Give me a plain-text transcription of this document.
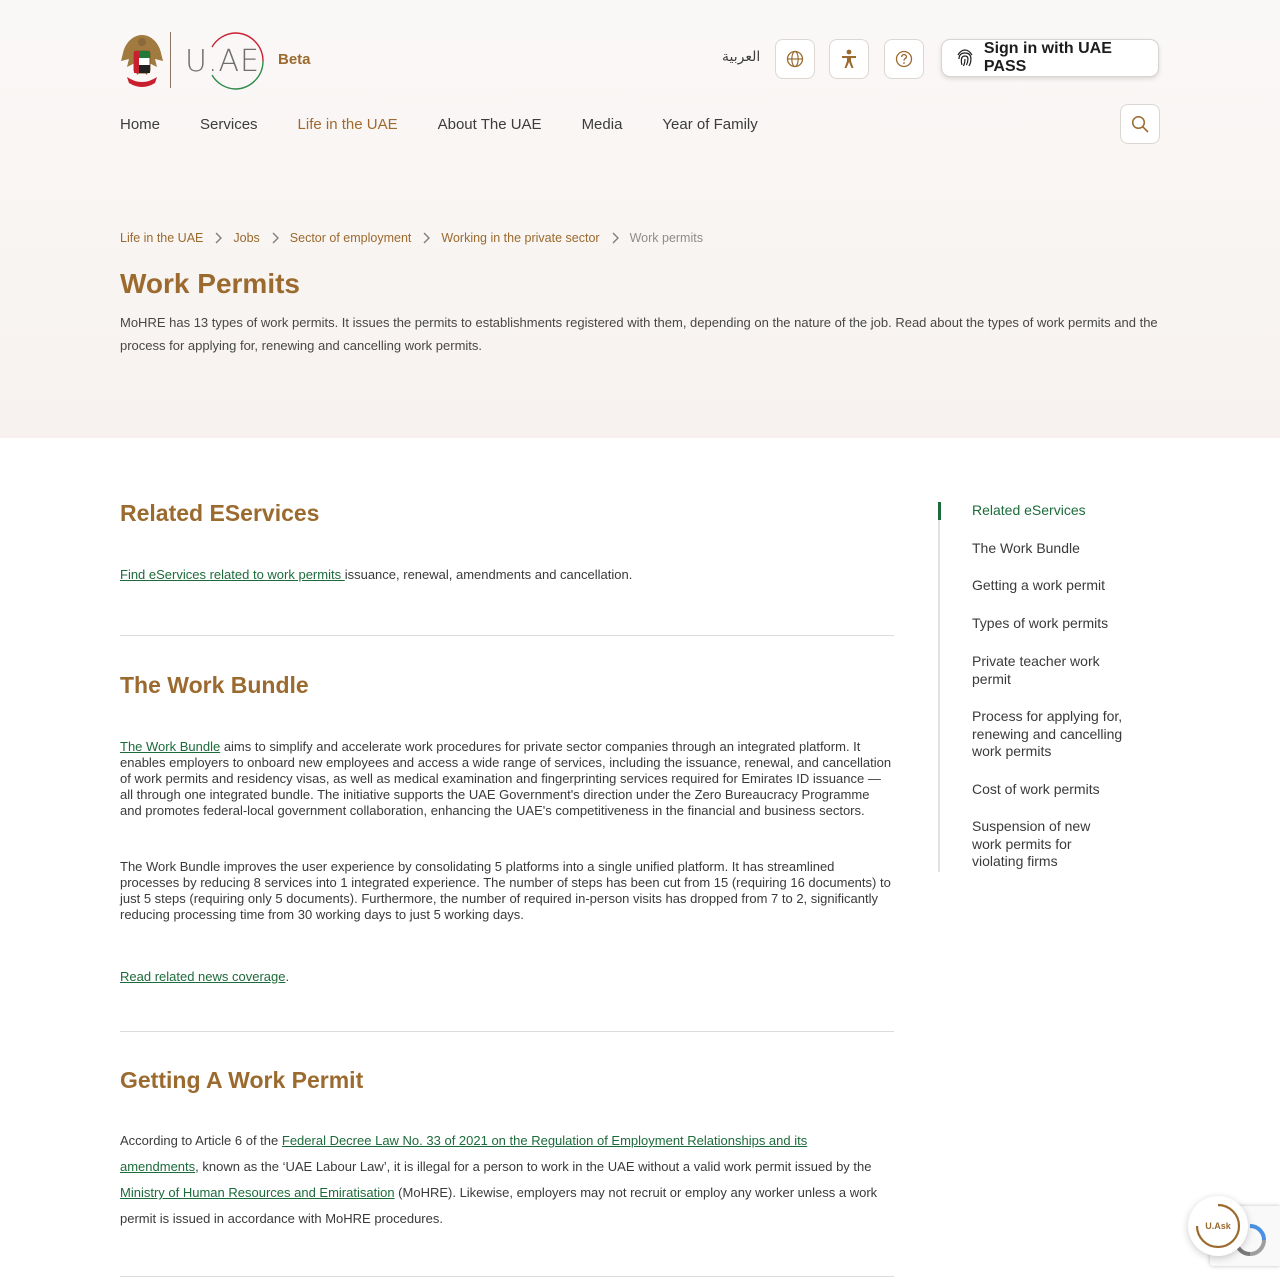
U.AE Beta	العربية	Sign in with UAE PASS
Home	Services	Life in the UAE	About The UAE	Media	Year of Family
Life in the UAE Jobs Sector of employment Working in the private sector Work permits
Work Permits

MoHRE has 13 types of work permits. It issues the permits to establishments registered with them, depending on the nature of the job. Read about the types of work permits and the process for applying for, renewing and cancelling work permits.

Related EServices

Find eServices related to work permits issuance, renewal, amendments and cancellation.

The Work Bundle

The Work Bundle aims to simplify and accelerate work procedures for private sector companies through an integrated platform. It enables employers to onboard new employees and access a wide range of services, including the issuance, renewal, and cancellation of work permits and residency visas, as well as medical examination and fingerprinting services required for Emirates ID issuance — all through one integrated bundle. The initiative supports the UAE Government's direction under the Zero Bureaucracy Programme and promotes federal-local government collaboration, enhancing the UAE's competitiveness in the financial and business sectors.

The Work Bundle improves the user experience by consolidating 5 platforms into a single unified platform. It has streamlined processes by reducing 8 services into 1 integrated experience. The number of steps has been cut from 15 (requiring 16 documents) to just 5 steps (requiring only 5 documents). Furthermore, the number of required in-person visits has dropped from 7 to 2, significantly reducing processing time from 30 working days to just 5 working days.

Read related news coverage.

Getting A Work Permit

According to Article 6 of the Federal Decree Law No. 33 of 2021 on the Regulation of Employment Relationships and its amendments, known as the ‘UAE Labour Law’, it is illegal for a person to work in the UAE without a valid work permit issued by the Ministry of Human Resources and Emiratisation (MoHRE). Likewise, employers may not recruit or employ any worker unless a work permit is issued in accordance with MoHRE procedures.

Related eServices
The Work Bundle
Getting a work permit
Types of work permits
Private teacher work permit
Process for applying for, renewing and cancelling work permits
Cost of work permits
Suspension of new work permits for violating firms
U.Ask
